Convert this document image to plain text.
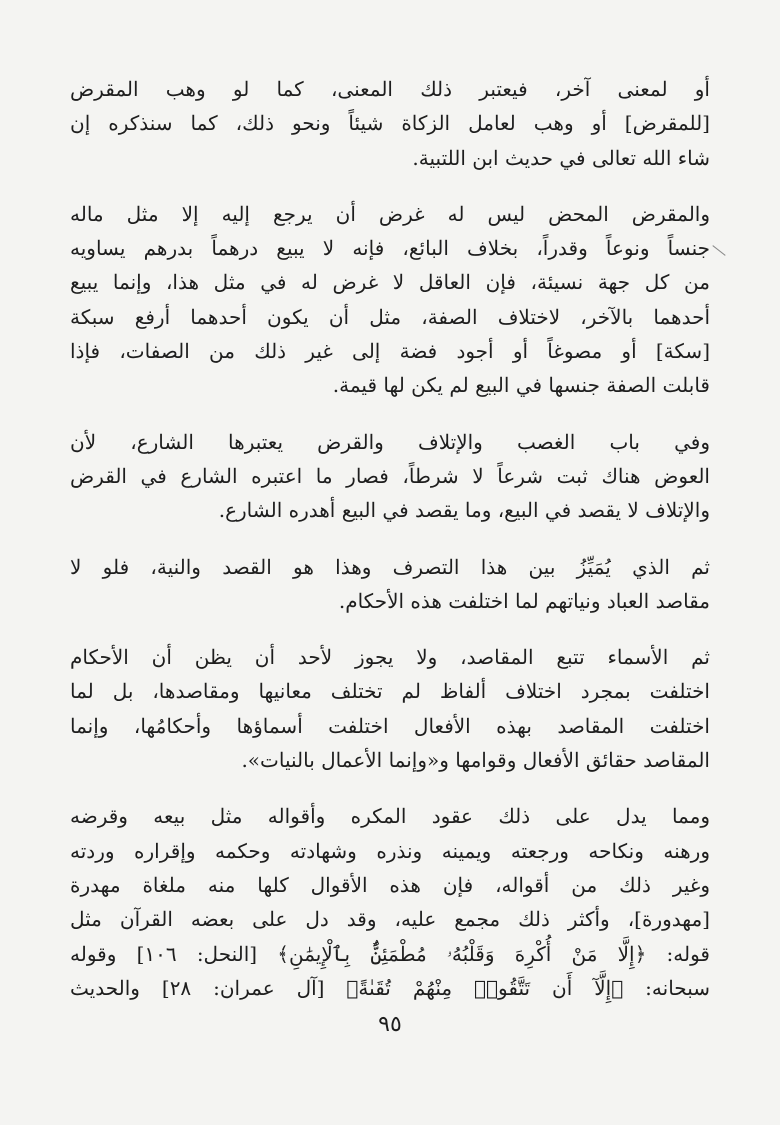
أو لمعنى آخر، فيعتبر ذلك المعنى، كما لو وهب المقرض
[للمقرض] أو وهب لعامل الزكاة شيئاً ونحو ذلك، كما سنذكره إن
شاء الله تعالى في حديث ابن اللتبية.

والمقرض المحض ليس له غرض أن يرجع إليه إلا مثل ماله
جنساً ونوعاً وقدراً، بخلاف البائع، فإنه لا يبيع درهماً بدرهم يساويه
من كل جهة نسيئة، فإن العاقل لا غرض له في مثل هذا، وإنما يبيع
أحدهما بالآخر، لاختلاف الصفة، مثل أن يكون أحدهما أرفع سبكة
[سكة] أو مصوغاً أو أجود فضة إلى غير ذلك من الصفات، فإذا
قابلت الصفة جنسها في البيع لم يكن لها قيمة.

وفي باب الغصب والإتلاف والقرض يعتبرها الشارع، لأن
العوض هناك ثبت شرعاً لا شرطاً، فصار ما اعتبره الشارع في القرض
والإتلاف لا يقصد في البيع، وما يقصد في البيع أهدره الشارع.

ثم الذي يُمَيِّزُ بين هذا التصرف وهذا هو القصد والنية، فلو لا
مقاصد العباد ونياتهم لما اختلفت هذه الأحكام.

ثم الأسماء تتبع المقاصد، ولا يجوز لأحد أن يظن أن الأحكام
اختلفت بمجرد اختلاف ألفاظ لم تختلف معانيها ومقاصدها، بل لما
اختلفت المقاصد بهذه الأفعال اختلفت أسماؤها وأحكامُها، وإنما
المقاصد حقائق الأفعال وقوامها و«وإنما الأعمال بالنيات».

ومما يدل على ذلك عقود المكره وأقواله مثل بيعه وقرضه
ورهنه ونكاحه ورجعته ويمينه ونذره وشهادته وحكمه وإقراره وردته
وغير ذلك من أقواله، فإن هذه الأقوال كلها منه ملغاة مهدرة
[مهدورة]، وأكثر ذلك مجمع عليه، وقد دل على بعضه القرآن مثل
قوله: ﴿إِلَّا مَنْ أُكْرِهَ وَقَلْبُهُۥ مُطْمَئِنٌّۢ بِٱلْإِيمَٰنِ﴾ [النحل: ١٠٦] وقوله
سبحانه: ﴿إِلَّآ أَن تَتَّقُوا۟ مِنْهُمْ تُقَىٰةً﴾ [آل عمران: ٢٨] والحديث

٩٥
